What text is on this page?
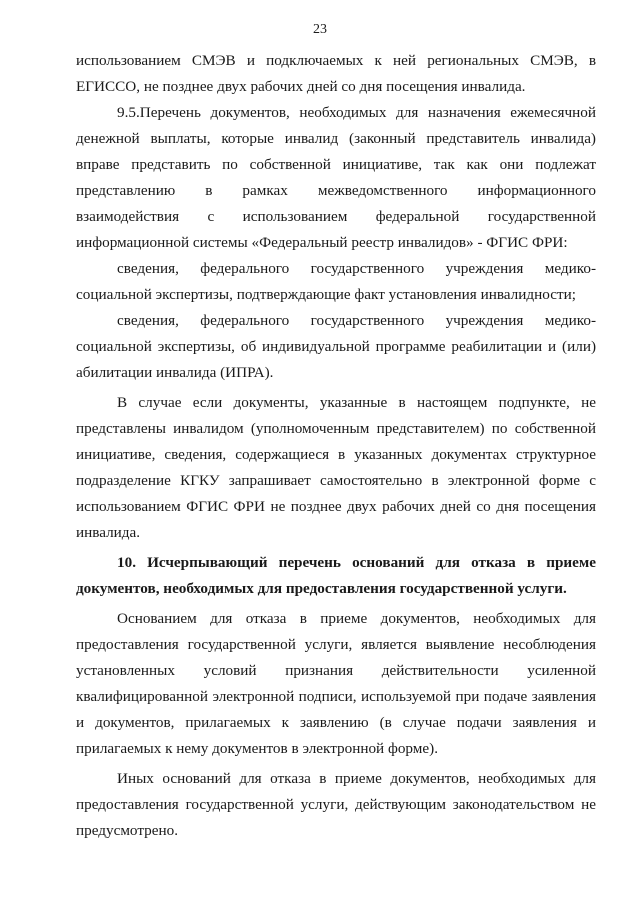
23
использованием СМЭВ и подключаемых к ней региональных СМЭВ, в
ЕГИССО, не позднее двух рабочих дней со дня посещения инвалида.
9.5.Перечень документов, необходимых для назначения ежемесячной
денежной выплаты, которые инвалид (законный представитель инвалида)
вправе представить по собственной инициативе, так как они подлежат
представлению в рамках межведомственного информационного
взаимодействия с использованием федеральной государственной
информационной системы «Федеральный реестр инвалидов» - ФГИС ФРИ:
сведения, федерального государственного учреждения медико-
социальной экспертизы, подтверждающие факт установления инвалидности;
сведения, федерального государственного учреждения медико-
социальной экспертизы, об индивидуальной программе реабилитации и (или)
абилитации инвалида (ИПРА).
В случае если документы, указанные в настоящем подпункте, не
представлены инвалидом (уполномоченным представителем) по собственной
инициативе, сведения, содержащиеся в указанных документах структурное
подразделение КГКУ запрашивает самостоятельно в электронной форме с
использованием ФГИС ФРИ не позднее двух рабочих дней со дня посещения
инвалида.
10. Исчерпывающий перечень оснований для отказа в приеме
документов, необходимых для предоставления государственной услуги.
Основанием для отказа в приеме документов, необходимых для
предоставления государственной услуги, является выявление несоблюдения
установленных условий признания действительности усиленной
квалифицированной электронной подписи, используемой при подаче заявления
и документов, прилагаемых к заявлению (в случае подачи заявления и
прилагаемых к нему документов в электронной форме).
Иных оснований для отказа в приеме документов, необходимых для
предоставления государственной услуги, действующим законодательством не
предусмотрено.
